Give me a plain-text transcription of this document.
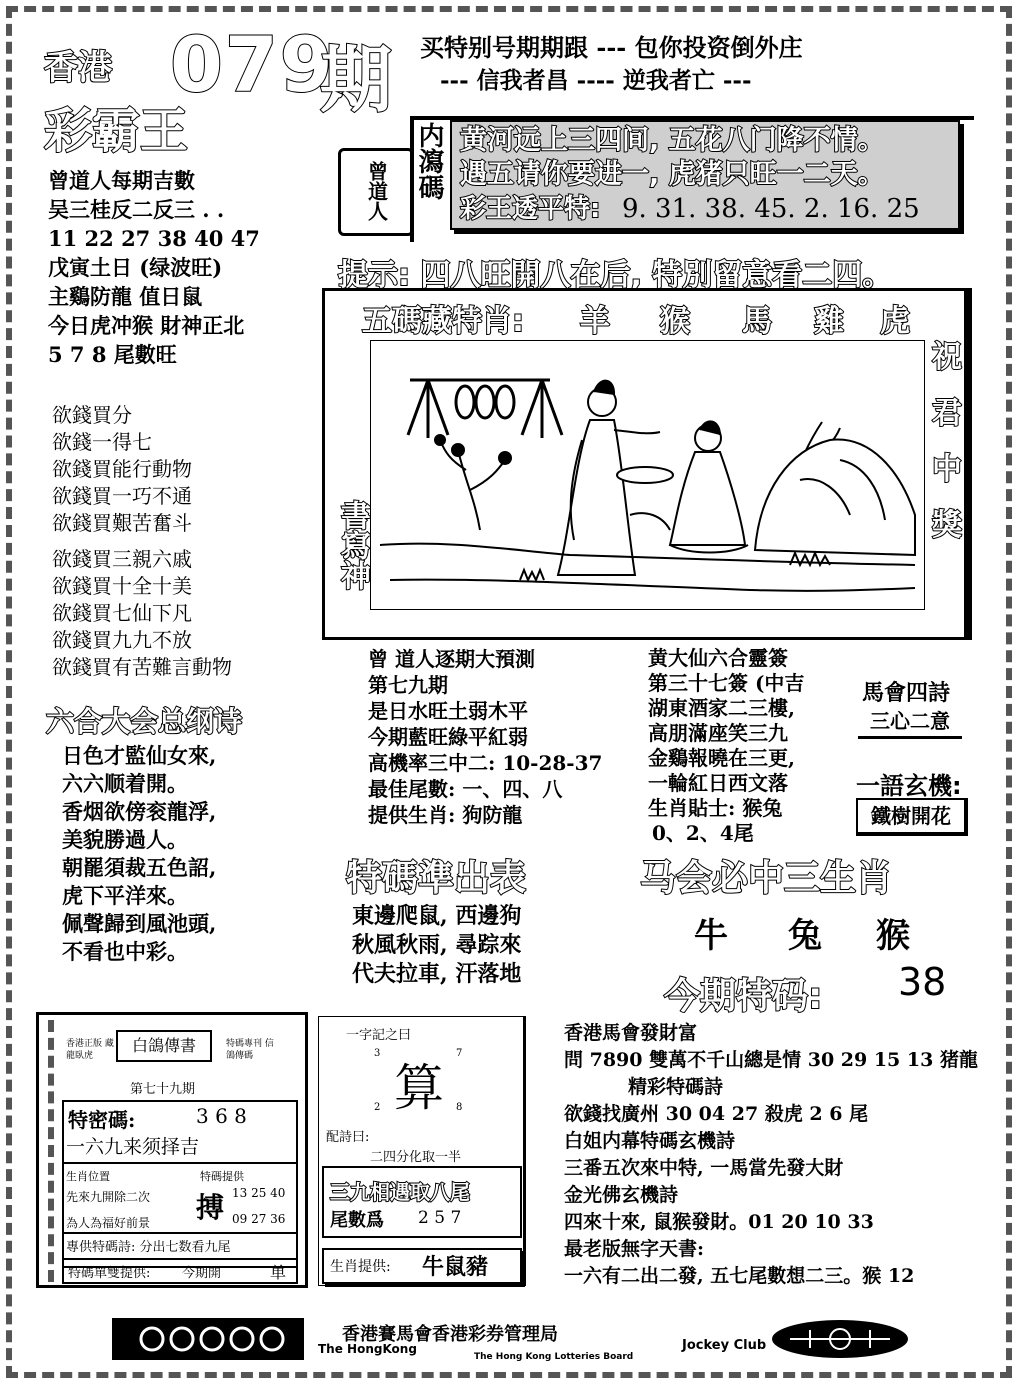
香港 079
期
彩霸王
买特别号期期跟 --- 包你投资倒外庄
--- 信我者昌 ---- 逆我者亡 ---
曾道人每期吉數
吴三桂反二反三 . .
11 22 27 38 40 47
戊寅土日 (绿波旺)
主鷄防龍 值日鼠
今日虎冲猴 財神正北
5 7 8 尾數旺
曾道人 内瀉碼 黄河远上三四间, 五花八门降不情。
遇五请你要进一, 虎猪只旺一二天。
彩王透平特: 9. 31. 38. 45. 2. 16. 25
提示: 四八旺開八在后, 特別留意看二四。
五碼藏特肖: 羊 猴 馬 雞 虎
書寫神
祝
君
中
獎
欲錢買分
欲錢一得七
欲錢買能行動物
欲錢買一巧不通
欲錢買艱苦奮斗
欲錢買三親六戚
欲錢買十全十美
欲錢買七仙下凡
欲錢買九九不放
欲錢買有苦難言動物
六合大会总纲诗
日色才監仙女來,
六六顺着開。
香烟欲傍衮龍浮,
美貌勝過人。
朝罷須裁五色詔,
虎下平洋來。
佩聲歸到風池頭,
不看也中彩。
曾 道人逐期大預測
第七九期
是日水旺土弱木平
今期藍旺綠平紅弱
高機率三中二: 10-28-37
最佳尾數: 一、四、八
提供生肖: 狗防龍
黄大仙六合靈簽
第三十七簽 (中吉
湖東酒家二三樓,
高朋滿座笑三九
金鷄報曉在三更,
一輪紅日西文落
生肖貼士: 猴兔
0、2、4尾
馬會四詩
三心二意
一語玄機:
鐵樹開花
特碼準出表
東邊爬鼠, 西邊狗
秋風秋雨, 尋踪來
代夫拉車, 汗落地
马会必中三生肖
牛 兔 猴
今期特码: 38
白鴿傳書
香港正版 藏龍臥虎
特碼專刊 信鴿傳碼
第七十九期
特密碼:	3 6 8
一六九来须择吉
生肖位置
先來九開除二次
為人為福好前景
特碼提供
搏 13 25 40
09 27 36
專供特碼詩: 分出七数看九尾
特碼單雙提供: 今期開	单
一字記之曰
3	7
算
2	8
配詩曰:
二四分化取一半
三九相遇取八尾
尾數爲 2 5 7
生肖提供: 牛鼠豬
香港馬會發財富
問 7890 雙萬不千山總是情 30 29 15 13 猪龍
精彩特碼詩
欲錢找廣州 30 04 27 殺虎 2 6 尾
白姐内幕特碼玄機詩
三番五次來中特, 一馬當先發大財
金光佛玄機詩
四來十來, 鼠猴發財。01 20 10 33
最老版無字天書:
一六有二出二發, 五七尾數想二三。猴 12
香港賽馬會香港彩券管理局
The HongKong	Jockey Club
The Hong Kong Lotteries Board
